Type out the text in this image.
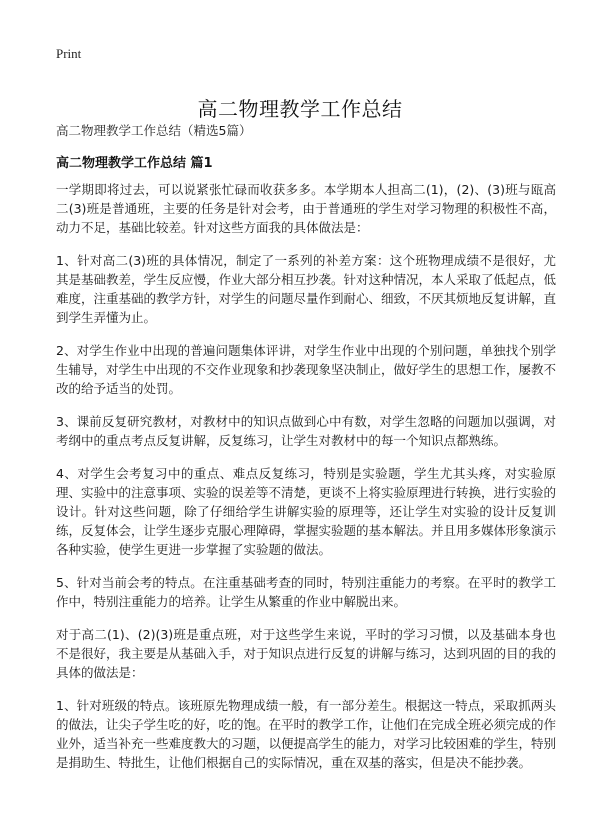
Print
高二物理教学工作总结
高二物理教学工作总结（精选5篇）
高二物理教学工作总结 篇1

一学期即将过去，可以说紧张忙碌而收获多多。本学期本人担高二(1)，(2)、(3)班与瓯高二(3)班是普通班，主要的任务是针对会考，由于普通班的学生对学习物理的积极性不高，动力不足，基础比较差。针对这些方面我的具体做法是：

1、针对高二(3)班的具体情况，制定了一系列的补差方案：这个班物理成绩不是很好，尤其是基础教差，学生反应慢，作业大部分相互抄袭。针对这种情况，本人采取了低起点，低难度，注重基础的教学方针，对学生的问题尽量作到耐心、细致，不厌其烦地反复讲解，直到学生弄懂为止。

2、对学生作业中出现的普遍问题集体评讲，对学生作业中出现的个别问题，单独找个别学生辅导，对学生中出现的不交作业现象和抄袭现象坚决制止，做好学生的思想工作，屡教不改的给予适当的处罚。

3、课前反复研究教材，对教材中的知识点做到心中有数，对学生忽略的问题加以强调，对考纲中的重点考点反复讲解，反复练习，让学生对教材中的每一个知识点都熟练。

4、对学生会考复习中的重点、难点反复练习，特别是实验题，学生尤其头疼，对实验原理、实验中的注意事项、实验的误差等不清楚，更谈不上将实验原理进行转换，进行实验的设计。针对这些问题，除了仔细给学生讲解实验的原理等，还让学生对实验的设计反复训练，反复体会，让学生逐步克服心理障碍，掌握实验题的基本解法。并且用多媒体形象演示各种实验，使学生更进一步掌握了实验题的做法。

5、针对当前会考的特点。在注重基础考查的同时，特别注重能力的考察。在平时的教学工作中，特别注重能力的培养。让学生从繁重的作业中解脱出来。

对于高二(1)、(2)(3)班是重点班，对于这些学生来说，平时的学习习惯，以及基础本身也不是很好，我主要是从基础入手，对于知识点进行反复的讲解与练习，达到巩固的目的我的具体的做法是：

1、针对班级的特点。该班原先物理成绩一般，有一部分差生。根据这一特点，采取抓两头的做法，让尖子学生吃的好，吃的饱。在平时的教学工作，让他们在完成全班必须完成的作业外，适当补充一些难度教大的习题，以便提高学生的能力，对学习比较困难的学生，特别是捐助生、特批生，让他们根据自己的实际情况，重在双基的落实，但是决不能抄袭。
